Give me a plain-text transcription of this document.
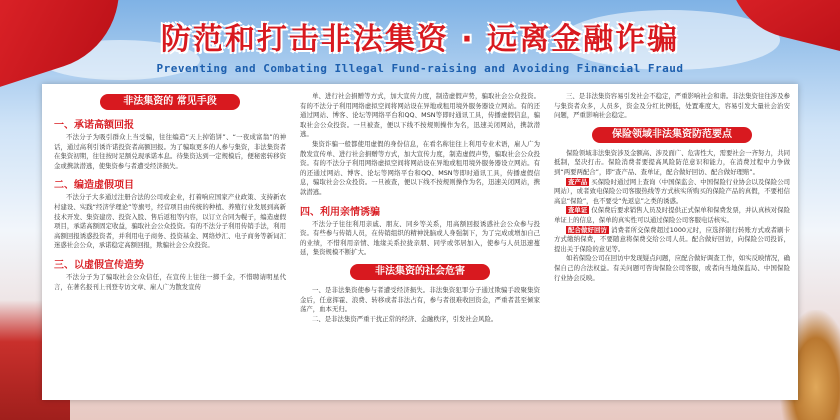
防范和打击非法集资 · 远离金融诈骗
Preventing and Combating Illegal Fund-raising and Avoiding Financial Fraud
非法集资的 常见手段
一、承诺高额回报

不法分子为吸引群众上当受骗，往往编造“天上掉馅饼”、“一夜成富翁”的神话，通过高利引诱许诺投资者高额回报。为了骗取更多的人参与集资，非法集资者在集资初期，往往按时足额兑现承诺本息。待集资达到一定规模后，便秘密转移资金或携款潜逃，使集资参与者遭受经济损失。

二、编造虚假项目

不法分子大多通过注册合法的公司或企业，打着响应国家产业政策、支持新农村建设、实践“经济学理论”等旗号，经营项目由传统的种植、养殖行业发展到高新技术开发、集资建房、投资入股、售后返租等内容，以订立合同为幌子，编造虚假项目，承诺高额固定收益，骗取社会公众投资。有的不法分子利用传销手法，利用高额回报诱惑投资者，并利用电子商务、投资基金、网络炒汇、电子商务等新词汇迷惑社会公众，承诺稳定高额回报，欺骗社会公众投资。

三、以虚假宣传造势

不法分子为了骗取社会公众信任，在宣传上往往一掷千金，不惜聘请明星代言，在著名报刊上刊登专访文章、雇人广为散发宣传

单、进行社会捐赠等方式，加大宣传力度，制造虚假声势，骗取社会公众投资。有的不法分子利用网络虚拟空间将网站设在异地或租用境外服务器设立网站。有的还通过网站、博客、论坛等网络平台和QQ、MSN等即时通讯工具，传播虚假信息，骗取社会公众投资。一旦被查，便以下线不按规则操作为名，迅速关闭网站，携款潜逃。

集资诈骗一般都使用虚假的身份信息，在看名称往往上利用专业术语，雇人广为散发宣传单、进行社会捐赠等方式，加大宣传力度，制造虚假声势，骗取社会公众投资。有的不法分子利用网络虚拟空间将网站设在异地或租用境外服务器设立网站。有的还通过网站、博客、论坛等网络平台和QQ、MSN等即时通讯工具，传播虚假信息，骗取社会公众投资。一旦被查，便以下线不按规则操作为名，迅速关闭网站，携款潜逃。

四、利用亲情诱骗

不法分子往往利用亲戚、朋友、同乡等关系，用高额回报诱惑社会公众参与投资。有些参与传销人员，在传销组织的精神洗脑或人身强制下，为了完成或增加自己的业绩，不惜利用亲情、地缘关系拉拢亲朋、同学或邻居加入，使参与人员迅速蔓延，集资规模不断扩大。

非法集资的社会危害

一、是非法集资使参与者遭受经济损失。非法集资犯罪分子通过欺骗手段聚集资金后，任意挥霍、浪费、转移或者非法占有，参与者很难收回资金，严重者甚至倾家荡产，血本无归。

二、是非法集资严重干扰正常的经济、金融秩序，引发社会风险。

三、是非法集资容易引发社会不稳定，严重影响社会和谐。非法集资往往涉及参与集资者众多，人员多，资金及分红比例低，处置难度大，容易引发大量社会治安问题，严重影响社会稳定。

保险领域非法集资防范要点

保险领域非法集资涉及金额高、涉及面广、危害性大，需要社会一齐努力，共同抵制，坚决打击。保险消费者要提高风险防范意识和能力，在消费过程中力争做到“两要两配合”，即“查产品、查单证，配合做好回访、配合做好理赔”。

查产品 买保险时通过网上查询（中国保监会、中国保险行业协会以及保险公司网站），或者致电保险公司客服热线等方式核实所购买的保险产品的真假，不要相信高息“保险”，也不要受“先返息”之类的诱惑。

查单证 仅保费后要求销售人员及时提供正式保单和保费发票，并认真核对保险单证上的信息，保单的真实性可以通过保险公司客服电话核实。

配合做好回访 消费者所交保费超过1000元时，应选择银行转账方式或者刷卡方式缴纳保费，不要随意将保费交给公司人员。配合做好回访，向保险公司投诉，提出关于保险的意见等。

如若保险公司在回访中发现疑点问题，应配合做好调查工作，如实反映情况，确保自己的合法权益。有关问题可咨询保险公司客服，或者向当地保监局、中国保险行业协会反映。
